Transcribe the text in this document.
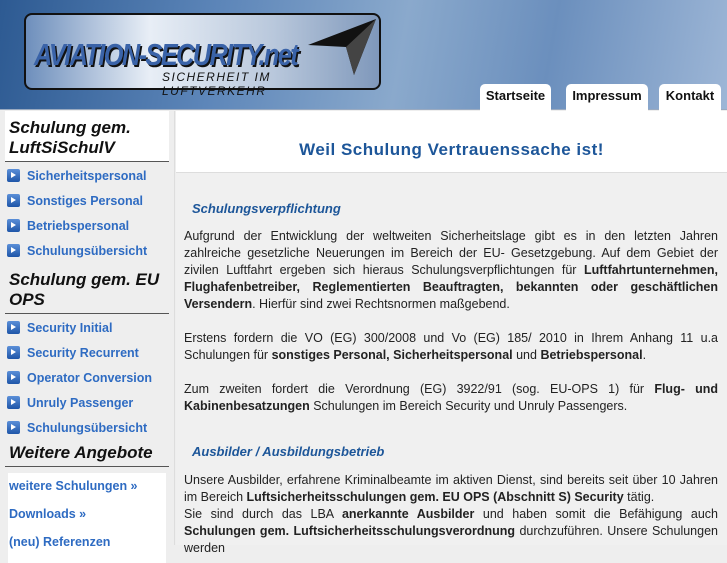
AVIATION-SECURITY.net
SICHERHEIT IM LUFTVERKEHR	Startseite	Impressum	Kontakt
Schulung gem. LuftSiSchulV
Sicherheitspersonal
Sonstiges Personal
Betriebspersonal
Schulungsübersicht
Schulung gem. EU OPS
Security Initial
Security Recurrent
Operator Conversion
Unruly Passenger
Schulungsübersicht
Weitere Angebote
weitere Schulungen »
Downloads »
(neu) Referenzen
Weil Schulung Vertrauenssache ist!
Schulungsverpflichtung

Aufgrund der Entwicklung der weltweiten Sicherheitslage gibt es in den letzten Jahren zahlreiche gesetzliche Neuerungen im Bereich der EU- Gesetzgebung. Auf dem Gebiet der zivilen Luftfahrt ergeben sich hieraus Schulungsverpflichtungen für Luftfahrtunternehmen, Flughafenbetreiber, Reglementierten Beauftragten, bekannten oder geschäftlichen Versendern. Hierfür sind zwei Rechtsnormen maßgebend.

Erstens fordern die VO (EG) 300/2008 und Vo (EG) 185/ 2010 in Ihrem Anhang 11 u.a Schulungen für sonstiges Personal, Sicherheitspersonal und Betriebspersonal.

Zum zweiten fordert die Verordnung (EG) 3922/91 (sog. EU-OPS 1) für Flug- und Kabinenbesatzungen Schulungen im Bereich Security und Unruly Passengers.

Ausbilder / Ausbildungsbetrieb

Unsere Ausbilder, erfahrene Kriminalbeamte im aktiven Dienst, sind bereits seit über 10 Jahren im Bereich Luftsicherheitsschulungen gem. EU OPS (Abschnitt S) Security tätig.

Sie sind durch das LBA anerkannte Ausbilder und haben somit die Befähigung auch Schulungen gem. Luftsicherheitsschulungsverordnung durchzuführen. Unsere Schulungen werden
